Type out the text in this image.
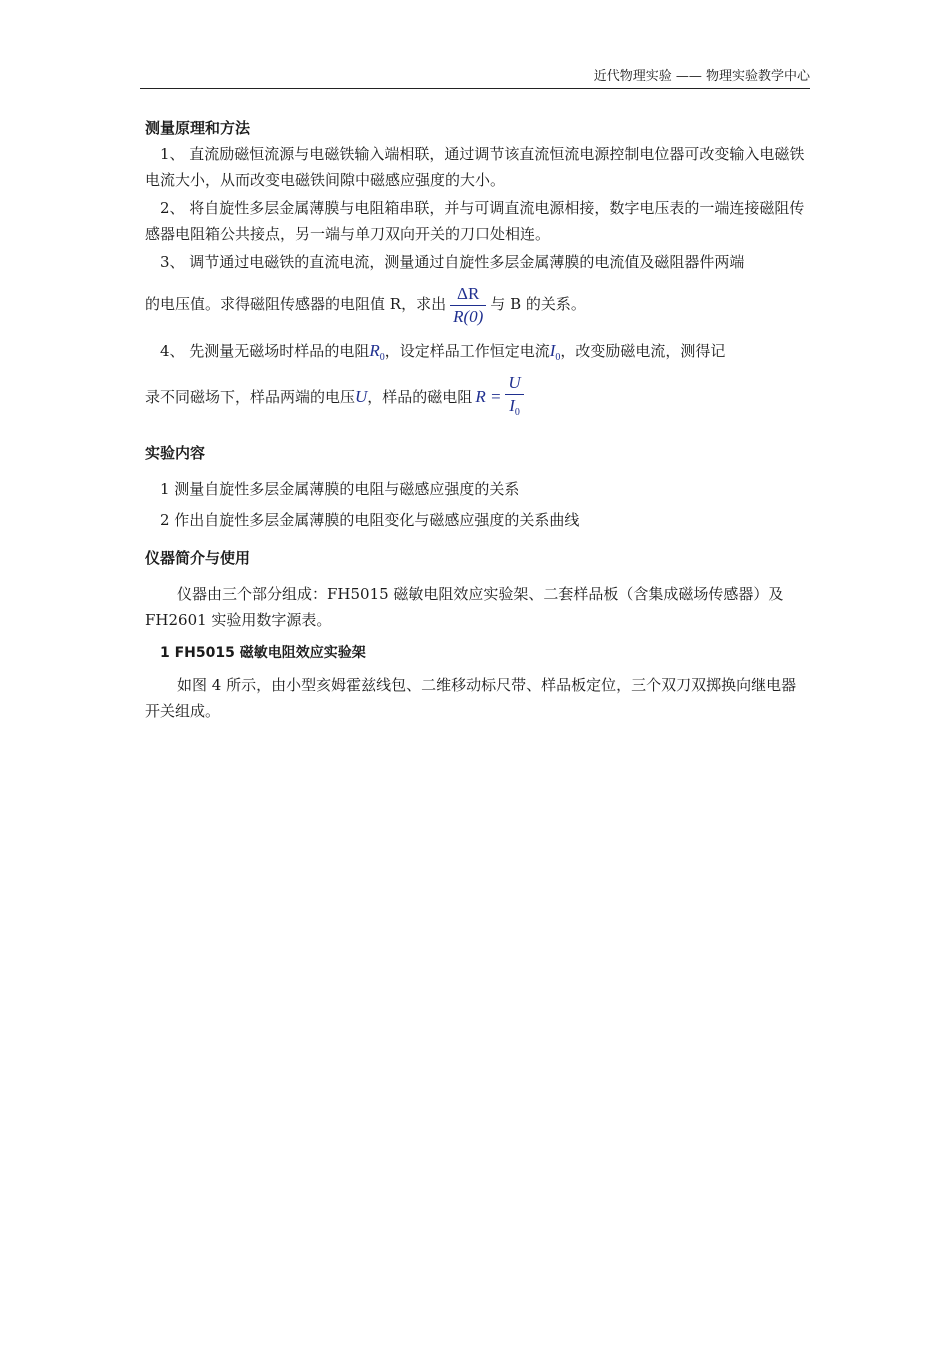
近代物理实验 —— 物理实验教学中心
测量原理和方法
1、 直流励磁恒流源与电磁铁输入端相联，通过调节该直流恒流电源控制电位器可改变输入电磁铁电流大小，从而改变电磁铁间隙中磁感应强度的大小。
2、 将自旋性多层金属薄膜与电阻箱串联，并与可调直流电源相接，数字电压表的一端连接磁阻传感器电阻箱公共接点，另一端与单刀双向开关的刀口处相连。
3、 调节通过电磁铁的直流电流，测量通过自旋性多层金属薄膜的电流值及磁阻器件两端
的电压值。求得磁阻传感器的电阻值 R，求出 $\frac{\Delta R}{R(0)}$ 与 B 的关系。
4、 先测量无磁场时样品的电阻$R_0$，设定样品工作恒定电流$I_0$，改变励磁电流，测得记
录不同磁场下，样品两端的电压U，样品的磁电阻 $R = \frac{U}{I_0}$
实验内容
1 测量自旋性多层金属薄膜的电阻与磁感应强度的关系
2 作出自旋性多层金属薄膜的电阻变化与磁感应强度的关系曲线
仪器简介与使用
仪器由三个部分组成：FH5015 磁敏电阻效应实验架、二套样品板（含集成磁场传感器）及 FH2601 实验用数字源表。
1 FH5015 磁敏电阻效应实验架
如图 4 所示，由小型亥姆霍兹线包、二维移动标尺带、样品板定位，三个双刀双掷换向继电器开关组成。
